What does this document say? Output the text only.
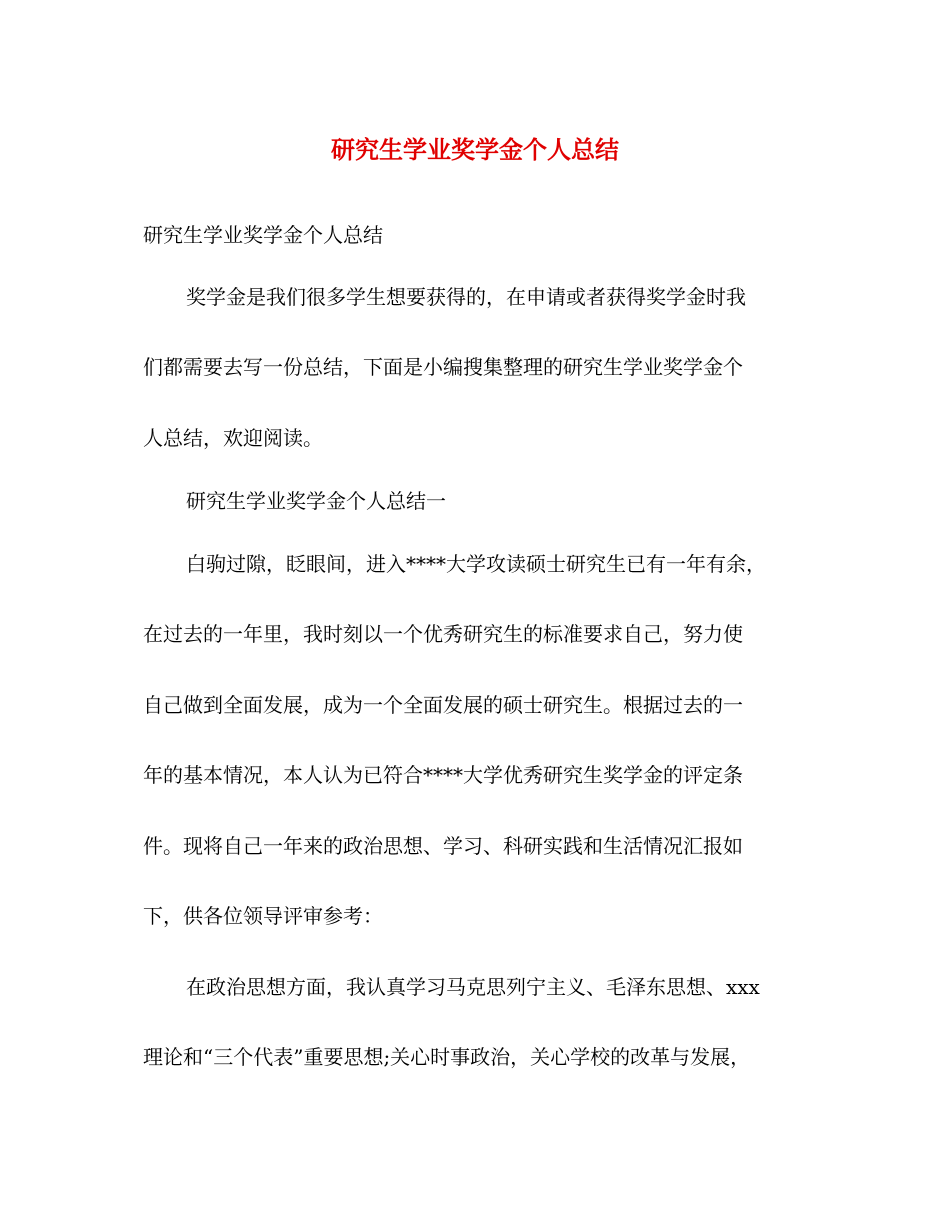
研究生学业奖学金个人总结

研究生学业奖学金个人总结

奖学金是我们很多学生想要获得的，在申请或者获得奖学金时我

们都需要去写一份总结，下面是小编搜集整理的研究生学业奖学金个

人总结，欢迎阅读。

研究生学业奖学金个人总结一

白驹过隙，眨眼间，进入****大学攻读硕士研究生已有一年有余，

在过去的一年里，我时刻以一个优秀研究生的标准要求自己，努力使

自己做到全面发展，成为一个全面发展的硕士研究生。根据过去的一

年的基本情况，本人认为已符合****大学优秀研究生奖学金的评定条

件。现将自己一年来的政治思想、学习、科研实践和生活情况汇报如

下，供各位领导评审参考：

在政治思想方面，我认真学习马克思列宁主义、毛泽东思想、xxx

理论和“三个代表”重要思想;关心时事政治，关心学校的改革与发展，
